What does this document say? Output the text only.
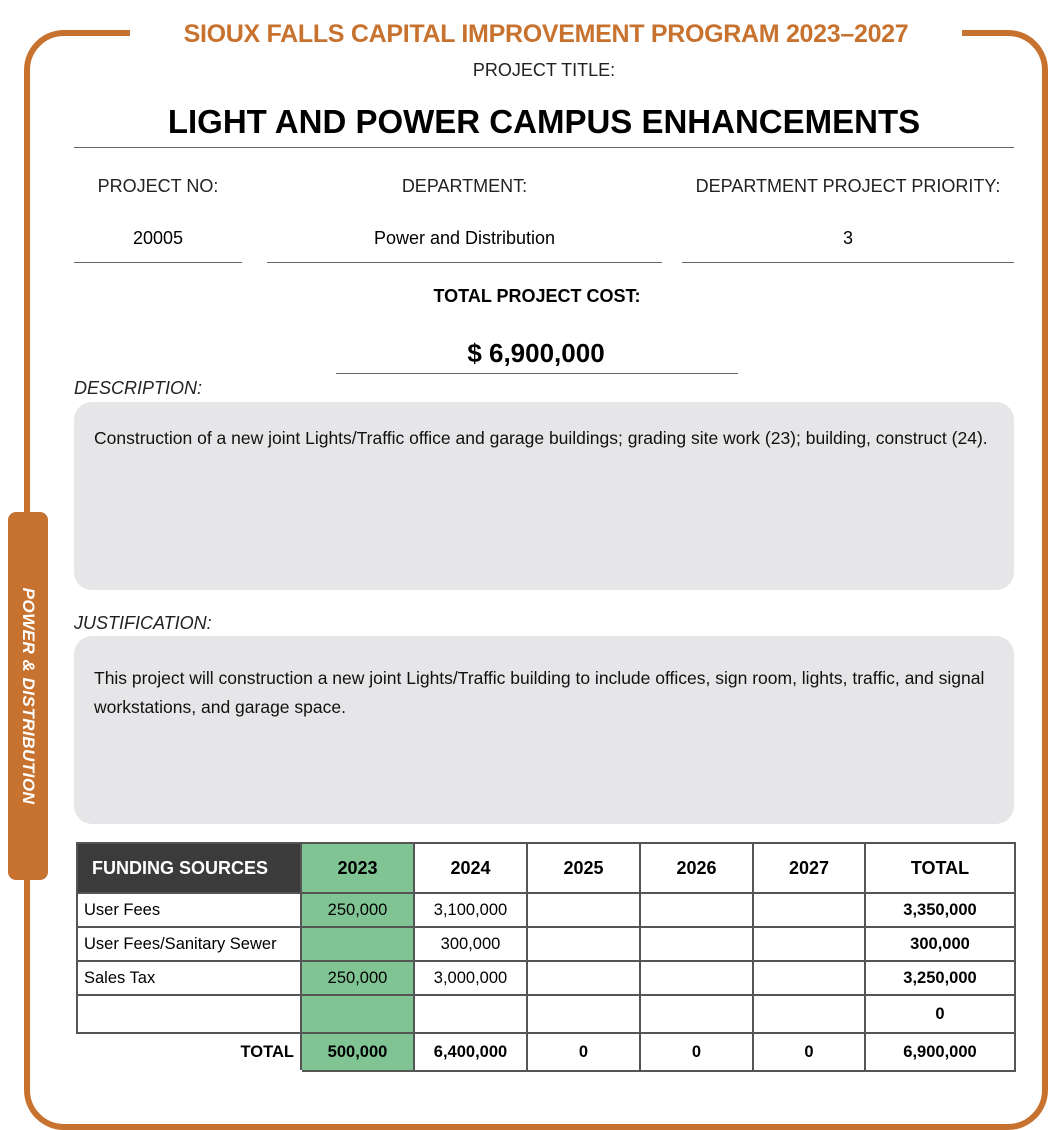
SIOUX FALLS CAPITAL IMPROVEMENT PROGRAM 2023–2027
POWER & DISTRIBUTION
PROJECT TITLE:
LIGHT AND POWER CAMPUS ENHANCEMENTS
PROJECT NO:	DEPARTMENT:	DEPARTMENT PROJECT PRIORITY:
20005	Power and Distribution	3
TOTAL PROJECT COST:
$ 6,900,000
DESCRIPTION:
Construction of a new joint Lights/Traffic office and garage buildings; grading site work (23); building, construct (24).
JUSTIFICATION:
This project will construction a new joint Lights/Traffic building to include offices, sign room, lights, traffic, and signal workstations, and garage space.
FUNDING SOURCES	2023	2024	2025	2026	2027	TOTAL
User Fees	250,000	3,100,000				3,350,000
User Fees/Sanitary Sewer		300,000				300,000
Sales Tax	250,000	3,000,000				3,250,000
						0
TOTAL	500,000	6,400,000	0	0	0	6,900,000
